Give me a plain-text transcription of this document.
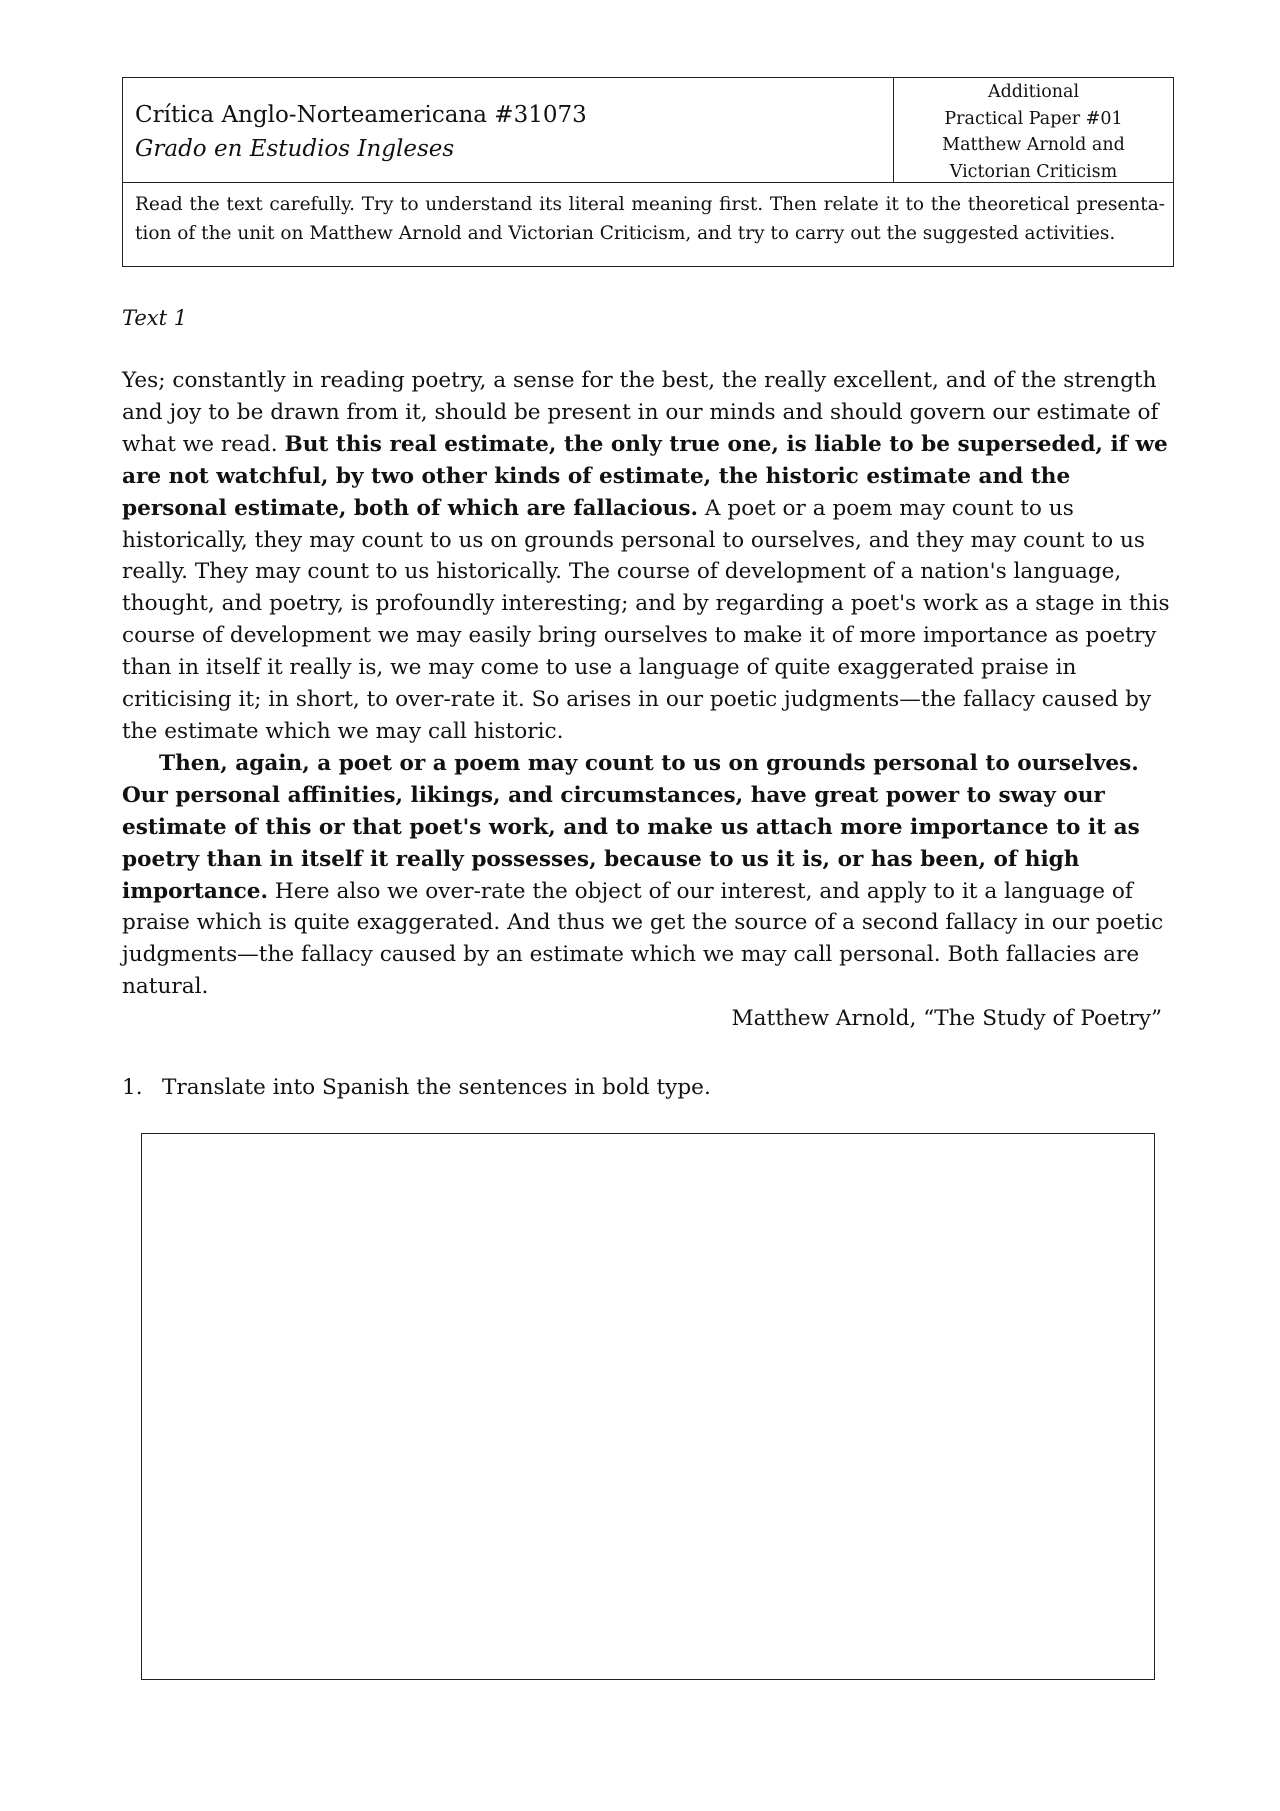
Crítica Anglo-Norteamericana #31073
Grado en Estudios Ingleses
Additional
Practical Paper #01
Matthew Arnold and
Victorian Criticism
Read the text carefully. Try to understand its literal meaning first. Then relate it to the theoretical presenta-tion of the unit on Matthew Arnold and Victorian Criticism, and try to carry out the suggested activities.
Text 1

Yes; constantly in reading poetry, a sense for the best, the really excellent, and of the strength and joy to be drawn from it, should be present in our minds and should govern our estimate of what we read. But this real estimate, the only true one, is liable to be superseded, if we are not watchful, by two other kinds of estimate, the historic estimate and the personal estimate, both of which are fallacious. A poet or a poem may count to us historically, they may count to us on grounds personal to ourselves, and they may count to us really. They may count to us historically. The course of development of a nation's language, thought, and poetry, is profoundly interesting; and by regarding a poet's work as a stage in this course of development we may easily bring ourselves to make it of more importance as poetry than in itself it really is, we may come to use a language of quite exaggerated praise in criticising it; in short, to over-rate it. So arises in our poetic judgments—the fallacy caused by the estimate which we may call historic.

Then, again, a poet or a poem may count to us on grounds personal to ourselves. Our personal affinities, likings, and circumstances, have great power to sway our estimate of this or that poet's work, and to make us attach more importance to it as poetry than in itself it really possesses, because to us it is, or has been, of high importance. Here also we over-rate the object of our interest, and apply to it a language of praise which is quite exaggerated. And thus we get the source of a second fallacy in our poetic judgments—the fallacy caused by an estimate which we may call personal. Both fallacies are natural.

Matthew Arnold, “The Study of Poetry”

1. Translate into Spanish the sentences in bold type.
